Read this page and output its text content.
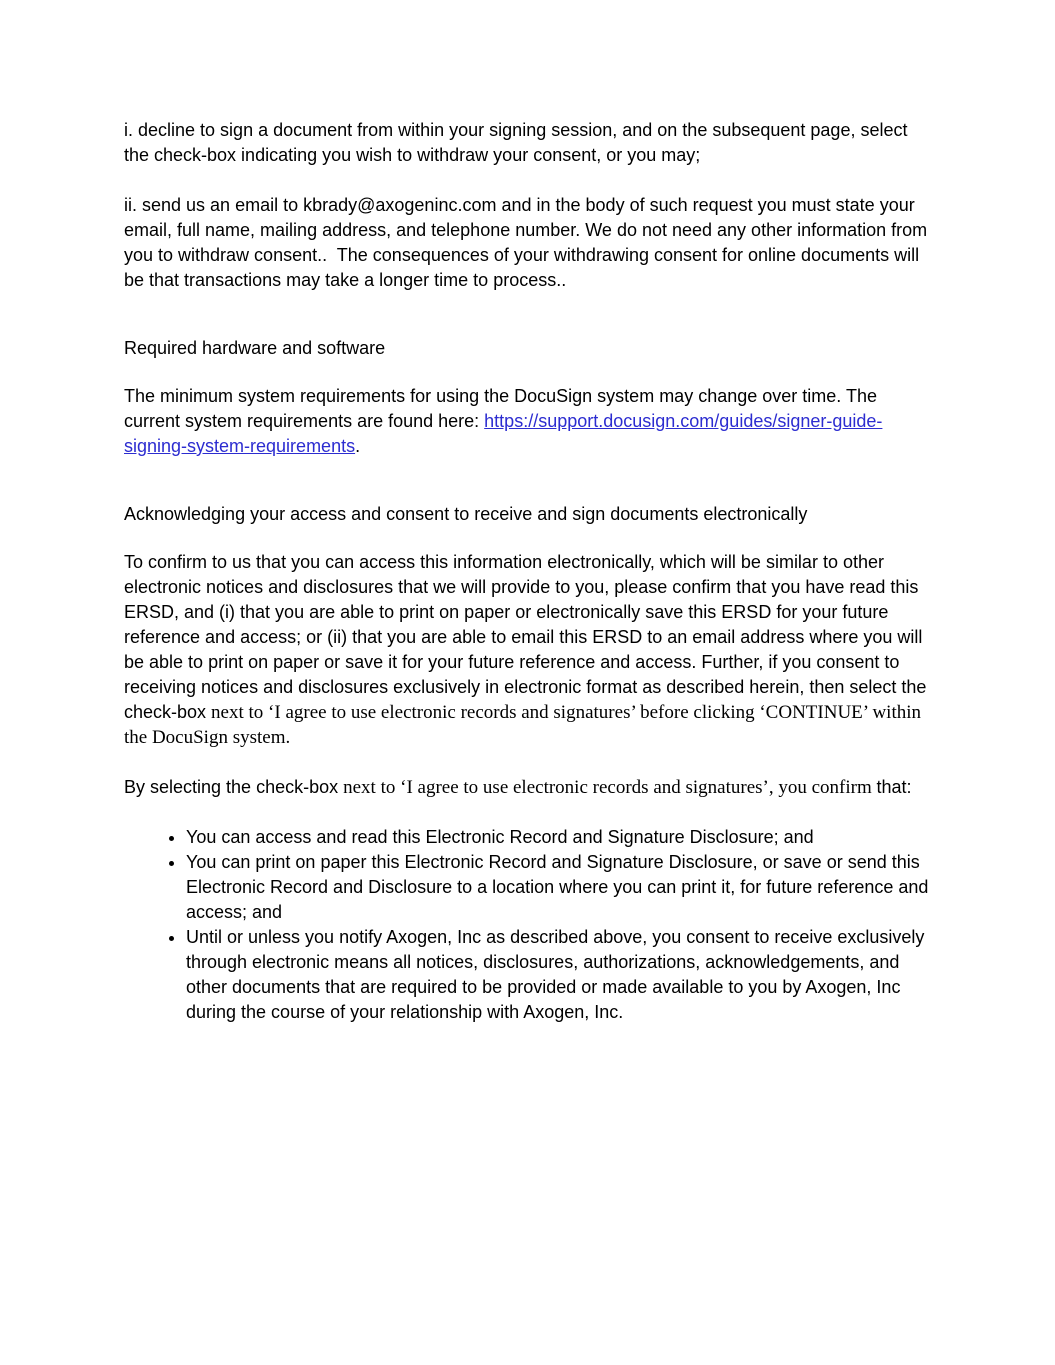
i. decline to sign a document from within your signing session, and on the subsequent page, select the check-box indicating you wish to withdraw your consent, or you may;

ii. send us an email to kbrady@axogeninc.com and in the body of such request you must state your email, full name, mailing address, and telephone number. We do not need any other information from you to withdraw consent..  The consequences of your withdrawing consent for online documents will be that transactions may take a longer time to process..

Required hardware and software

The minimum system requirements for using the DocuSign system may change over time. The current system requirements are found here: https://support.docusign.com/guides/signer-guide-signing-system-requirements.

Acknowledging your access and consent to receive and sign documents electronically

To confirm to us that you can access this information electronically, which will be similar to other electronic notices and disclosures that we will provide to you, please confirm that you have read this ERSD, and (i) that you are able to print on paper or electronically save this ERSD for your future reference and access; or (ii) that you are able to email this ERSD to an email address where you will be able to print on paper or save it for your future reference and access. Further, if you consent to receiving notices and disclosures exclusively in electronic format as described herein, then select the check-box next to ‘I agree to use electronic records and signatures’ before clicking ‘CONTINUE’ within the DocuSign system.

By selecting the check-box next to ‘I agree to use electronic records and signatures’, you confirm that:

• You can access and read this Electronic Record and Signature Disclosure; and
• You can print on paper this Electronic Record and Signature Disclosure, or save or send this Electronic Record and Disclosure to a location where you can print it, for future reference and access; and
• Until or unless you notify Axogen, Inc as described above, you consent to receive exclusively through electronic means all notices, disclosures, authorizations, acknowledgements, and other documents that are required to be provided or made available to you by Axogen, Inc during the course of your relationship with Axogen, Inc.
